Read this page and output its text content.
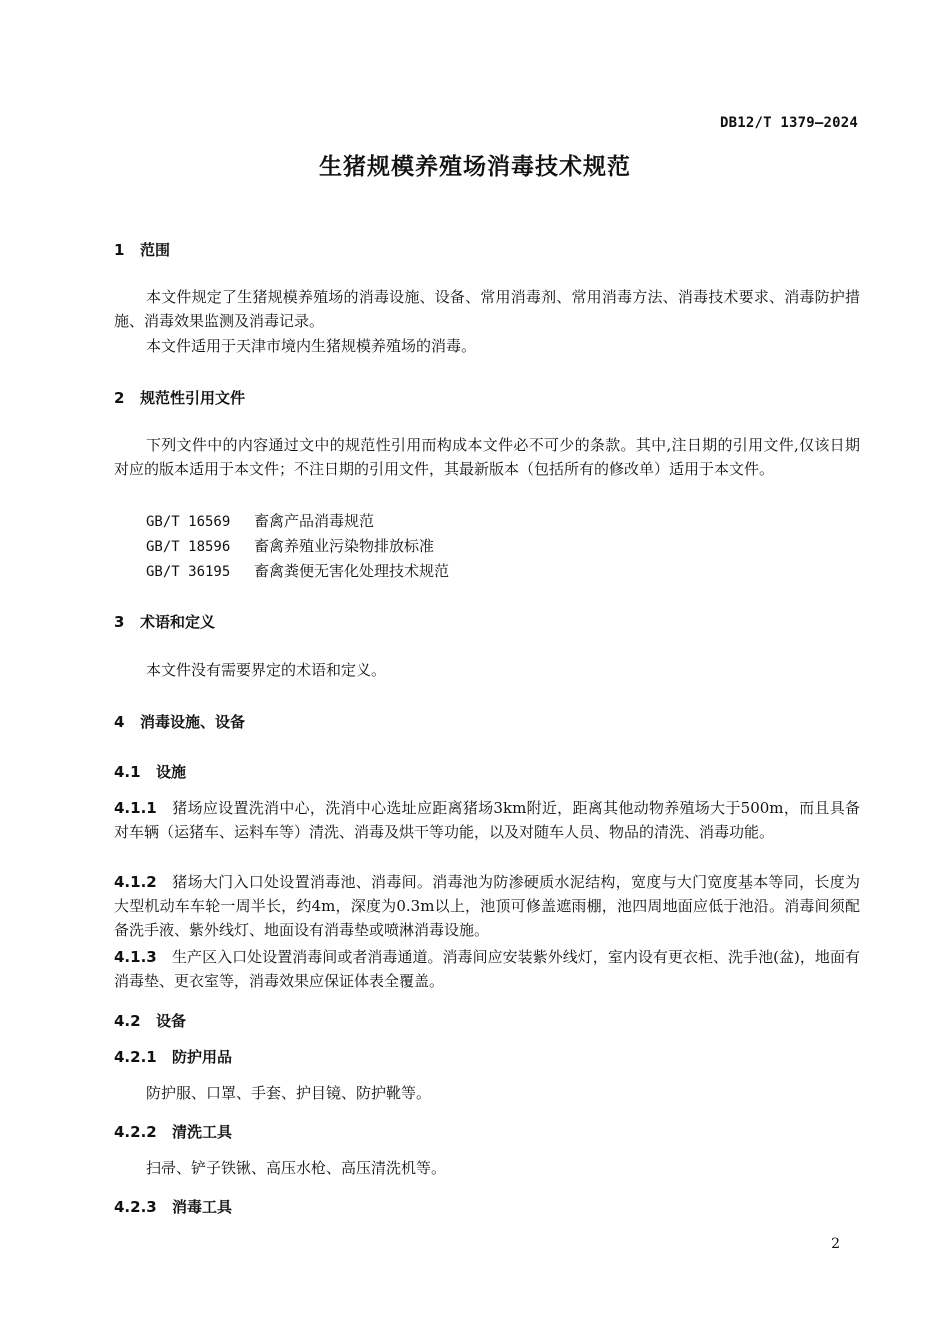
DB12/T 1379—2024
生猪规模养殖场消毒技术规范
1 范围
本文件规定了生猪规模养殖场的消毒设施、设备、常用消毒剂、常用消毒方法、消毒技术要求、消毒防护措施、消毒效果监测及消毒记录。
本文件适用于天津市境内生猪规模养殖场的消毒。
2 规范性引用文件
下列文件中的内容通过文中的规范性引用而构成本文件必不可少的条款。其中,注日期的引用文件,仅该日期对应的版本适用于本文件；不注日期的引用文件，其最新版本（包括所有的修改单）适用于本文件。
GB/T 16569 畜禽产品消毒规范
GB/T 18596 畜禽养殖业污染物排放标准
GB/T 36195 畜禽粪便无害化处理技术规范
3 术语和定义
本文件没有需要界定的术语和定义。
4 消毒设施、设备
4.1 设施
4.1.1 猪场应设置洗消中心，洗消中心选址应距离猪场3km附近，距离其他动物养殖场大于500m，而且具备对车辆（运猪车、运料车等）清洗、消毒及烘干等功能，以及对随车人员、物品的清洗、消毒功能。
4.1.2 猪场大门入口处设置消毒池、消毒间。消毒池为防渗硬质水泥结构，宽度与大门宽度基本等同，长度为大型机动车车轮一周半长，约4m，深度为0.3m以上，池顶可修盖遮雨棚，池四周地面应低于池沿。消毒间须配备洗手液、紫外线灯、地面设有消毒垫或喷淋消毒设施。
4.1.3 生产区入口处设置消毒间或者消毒通道。消毒间应安装紫外线灯，室内设有更衣柜、洗手池(盆)，地面有消毒垫、更衣室等，消毒效果应保证体表全覆盖。
4.2 设备
4.2.1 防护用品
防护服、口罩、手套、护目镜、防护靴等。
4.2.2 清洗工具
扫帚、铲子铁锹、高压水枪、高压清洗机等。
4.2.3 消毒工具
2
